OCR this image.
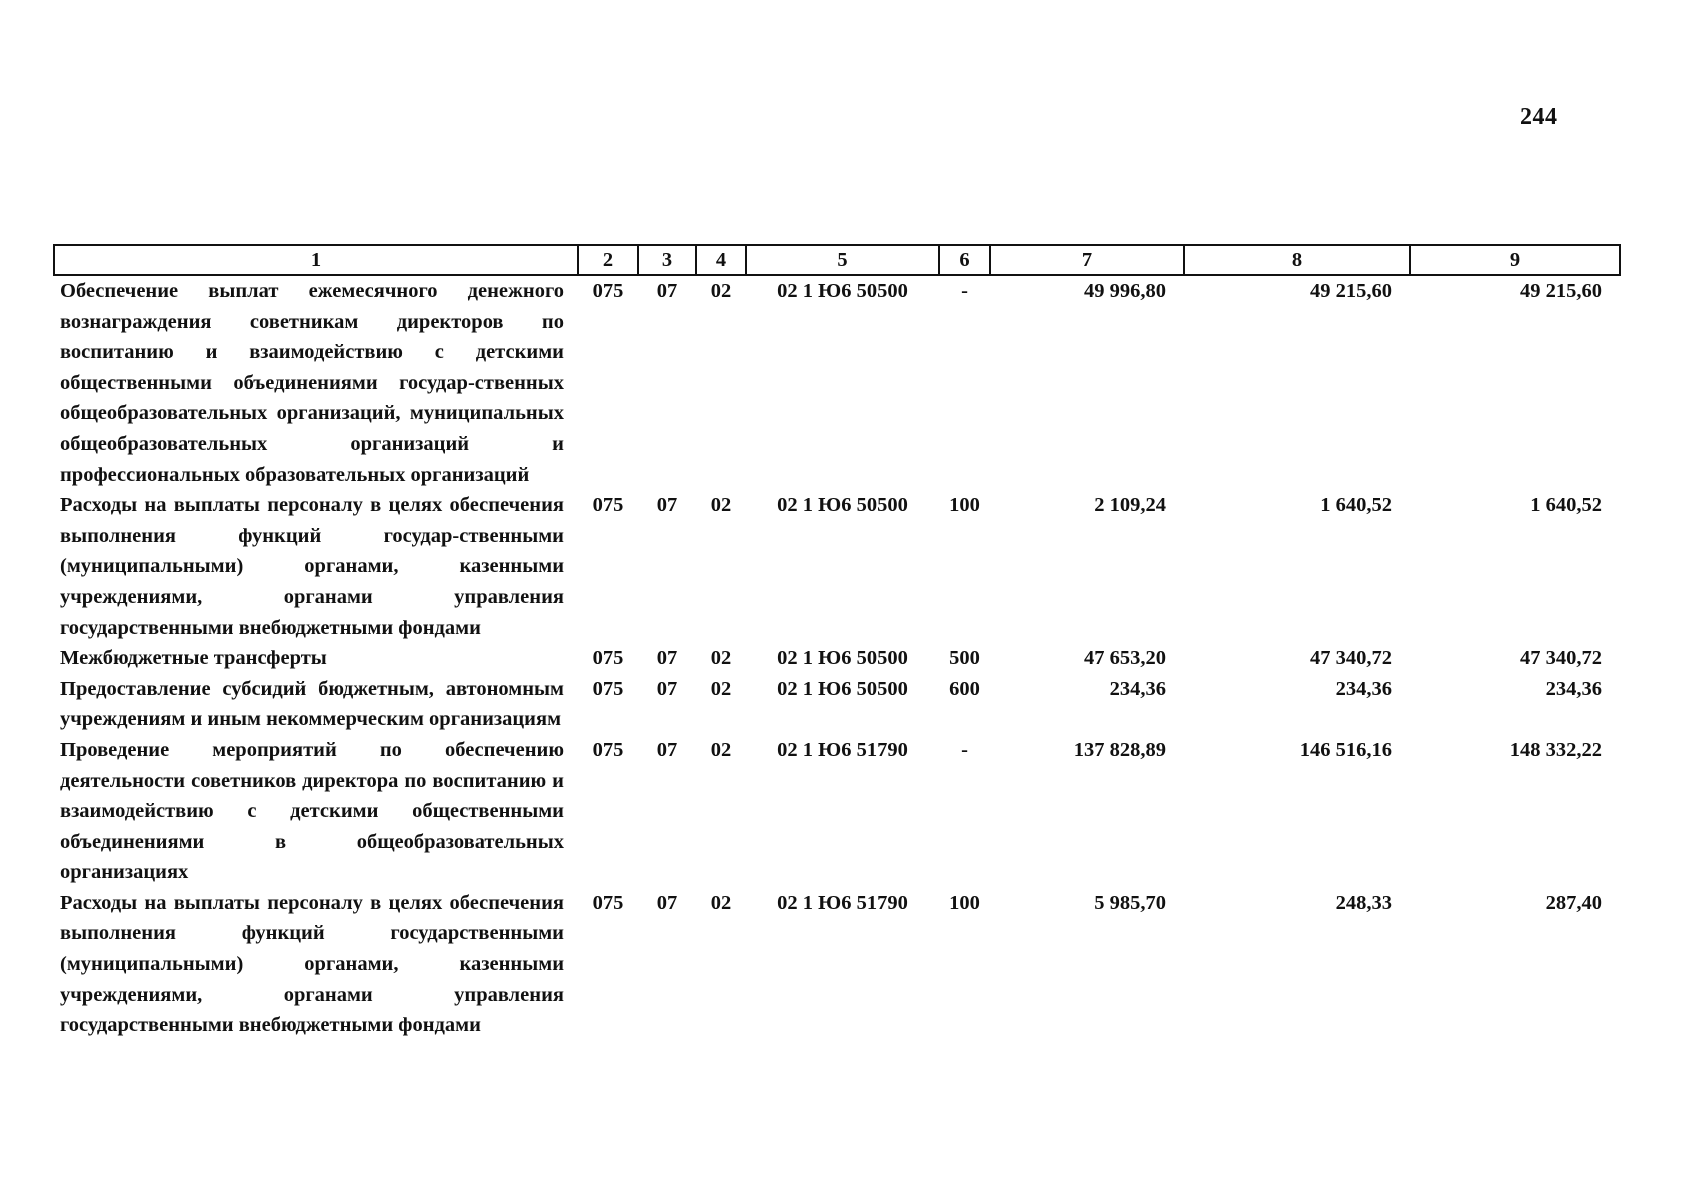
244
1	2	3	4	5	6	7	8	9
Обеспечение выплат ежемесячного денежного вознаграждения советникам директоров по воспитанию и взаимодействию с детскими общественными объединениями государ-ственных общеобразовательных организаций, муниципальных общеобразовательных организаций и профессиональных образовательных организаций	075	07	02	02 1 Ю6 50500	-	49 996,80	49 215,60	49 215,60
Расходы на выплаты персоналу в целях обеспечения выполнения функций государ-ственными (муниципальными) органами, казенными учреждениями, органами управления государственными внебюджетными фондами	075	07	02	02 1 Ю6 50500	100	2 109,24	1 640,52	1 640,52
Межбюджетные трансферты	075	07	02	02 1 Ю6 50500	500	47 653,20	47 340,72	47 340,72
Предоставление субсидий бюджетным, автономным учреждениям и иным некоммерческим организациям	075	07	02	02 1 Ю6 50500	600	234,36	234,36	234,36
Проведение мероприятий по обеспечению деятельности советников директора по воспитанию и взаимодействию с детскими общественными объединениями в общеобразовательных организациях	075	07	02	02 1 Ю6 51790	-	137 828,89	146 516,16	148 332,22
Расходы на выплаты персоналу в целях обеспечения выполнения функций государственными (муниципальными) органами, казенными учреждениями, органами управления государственными внебюджетными фондами	075	07	02	02 1 Ю6 51790	100	5 985,70	248,33	287,40
